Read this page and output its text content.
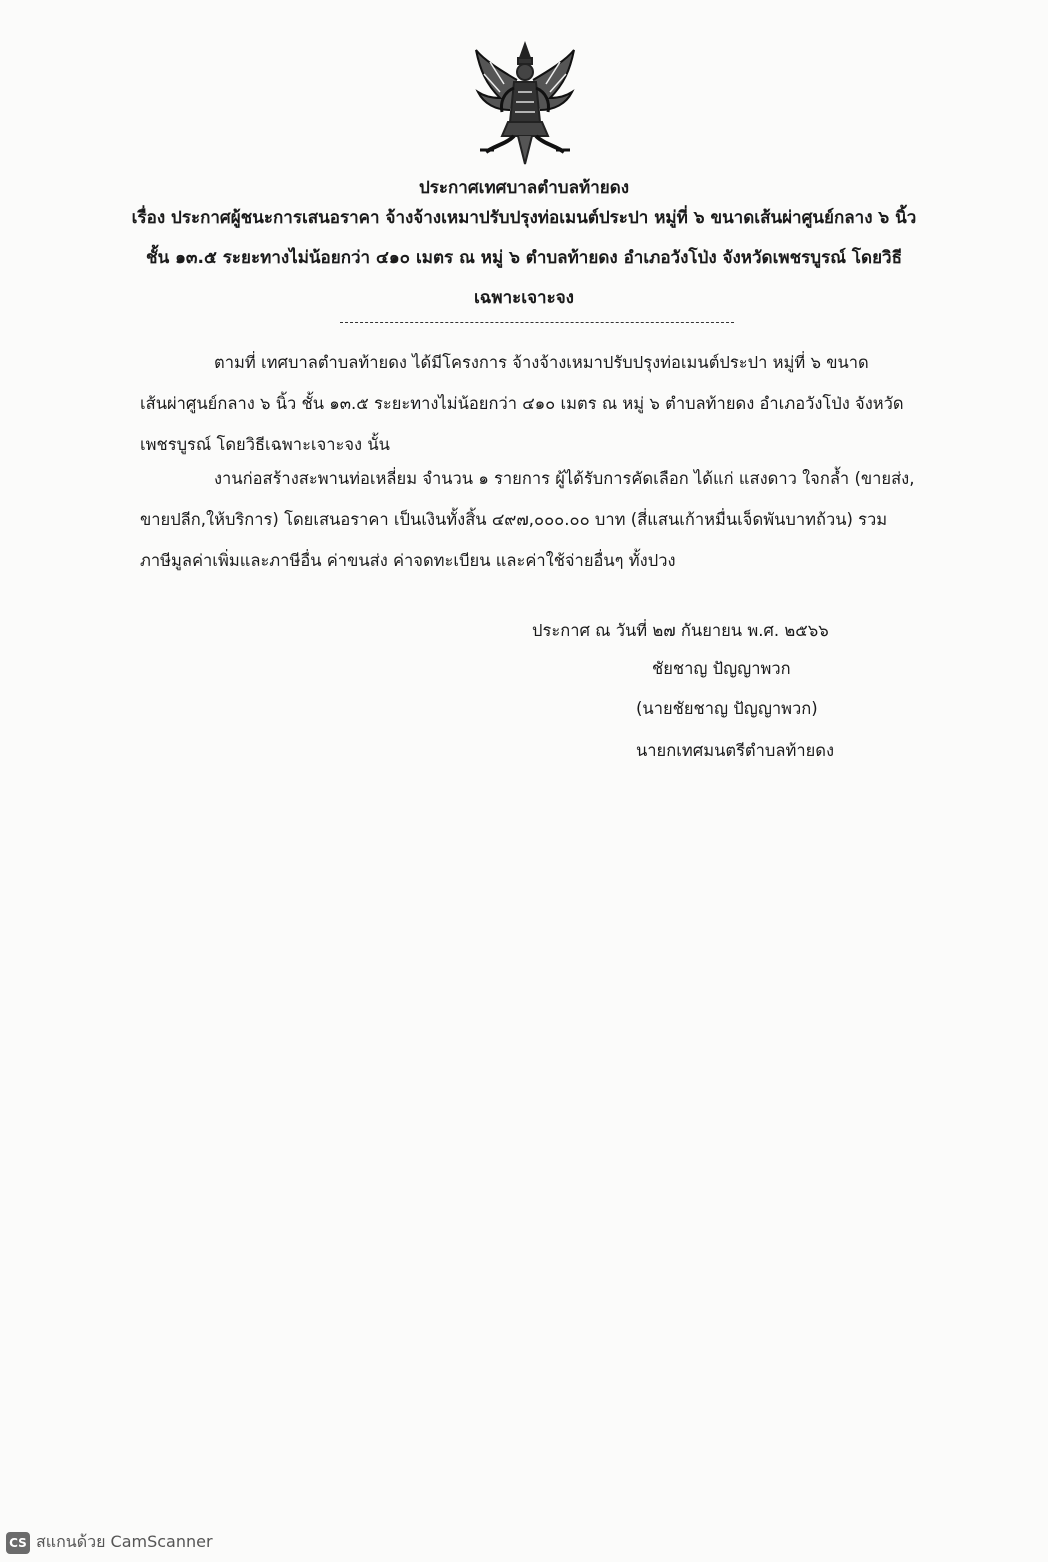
ประกาศเทศบาลตำบลท้ายดง
เรื่อง ประกาศผู้ชนะการเสนอราคา จ้างจ้างเหมาปรับปรุงท่อเมนต์ประปา หมู่ที่ ๖ ขนาดเส้นผ่าศูนย์กลาง ๖ นิ้ว
ชั้น ๑๓.๕ ระยะทางไม่น้อยกว่า ๔๑๐ เมตร ณ หมู่ ๖ ตำบลท้ายดง อำเภอวังโป่ง จังหวัดเพชรบูรณ์ โดยวิธี
เฉพาะเจาะจง
ตามที่ เทศบาลตำบลท้ายดง ได้มีโครงการ จ้างจ้างเหมาปรับปรุงท่อเมนต์ประปา หมู่ที่ ๖ ขนาด
เส้นผ่าศูนย์กลาง ๖ นิ้ว ชั้น ๑๓.๕ ระยะทางไม่น้อยกว่า ๔๑๐ เมตร ณ หมู่ ๖ ตำบลท้ายดง อำเภอวังโป่ง จังหวัด
เพชรบูรณ์ โดยวิธีเฉพาะเจาะจง นั้น
งานก่อสร้างสะพานท่อเหลี่ยม จำนวน ๑ รายการ ผู้ได้รับการคัดเลือก ได้แก่ แสงดาว ใจกล้ำ (ขายส่ง,
ขายปลีก,ให้บริการ) โดยเสนอราคา เป็นเงินทั้งสิ้น ๔๙๗,๐๐๐.๐๐ บาท (สี่แสนเก้าหมื่นเจ็ดพันบาทถ้วน) รวม
ภาษีมูลค่าเพิ่มและภาษีอื่น ค่าขนส่ง ค่าจดทะเบียน และค่าใช้จ่ายอื่นๆ ทั้งปวง
ประกาศ ณ วันที่ ๒๗ กันยายน พ.ศ. ๒๕๖๖
ชัยชาญ ปัญญาพวก
(นายชัยชาญ ปัญญาพวก)
นายกเทศมนตรีตำบลท้ายดง
CS สแกนด้วย CamScanner
